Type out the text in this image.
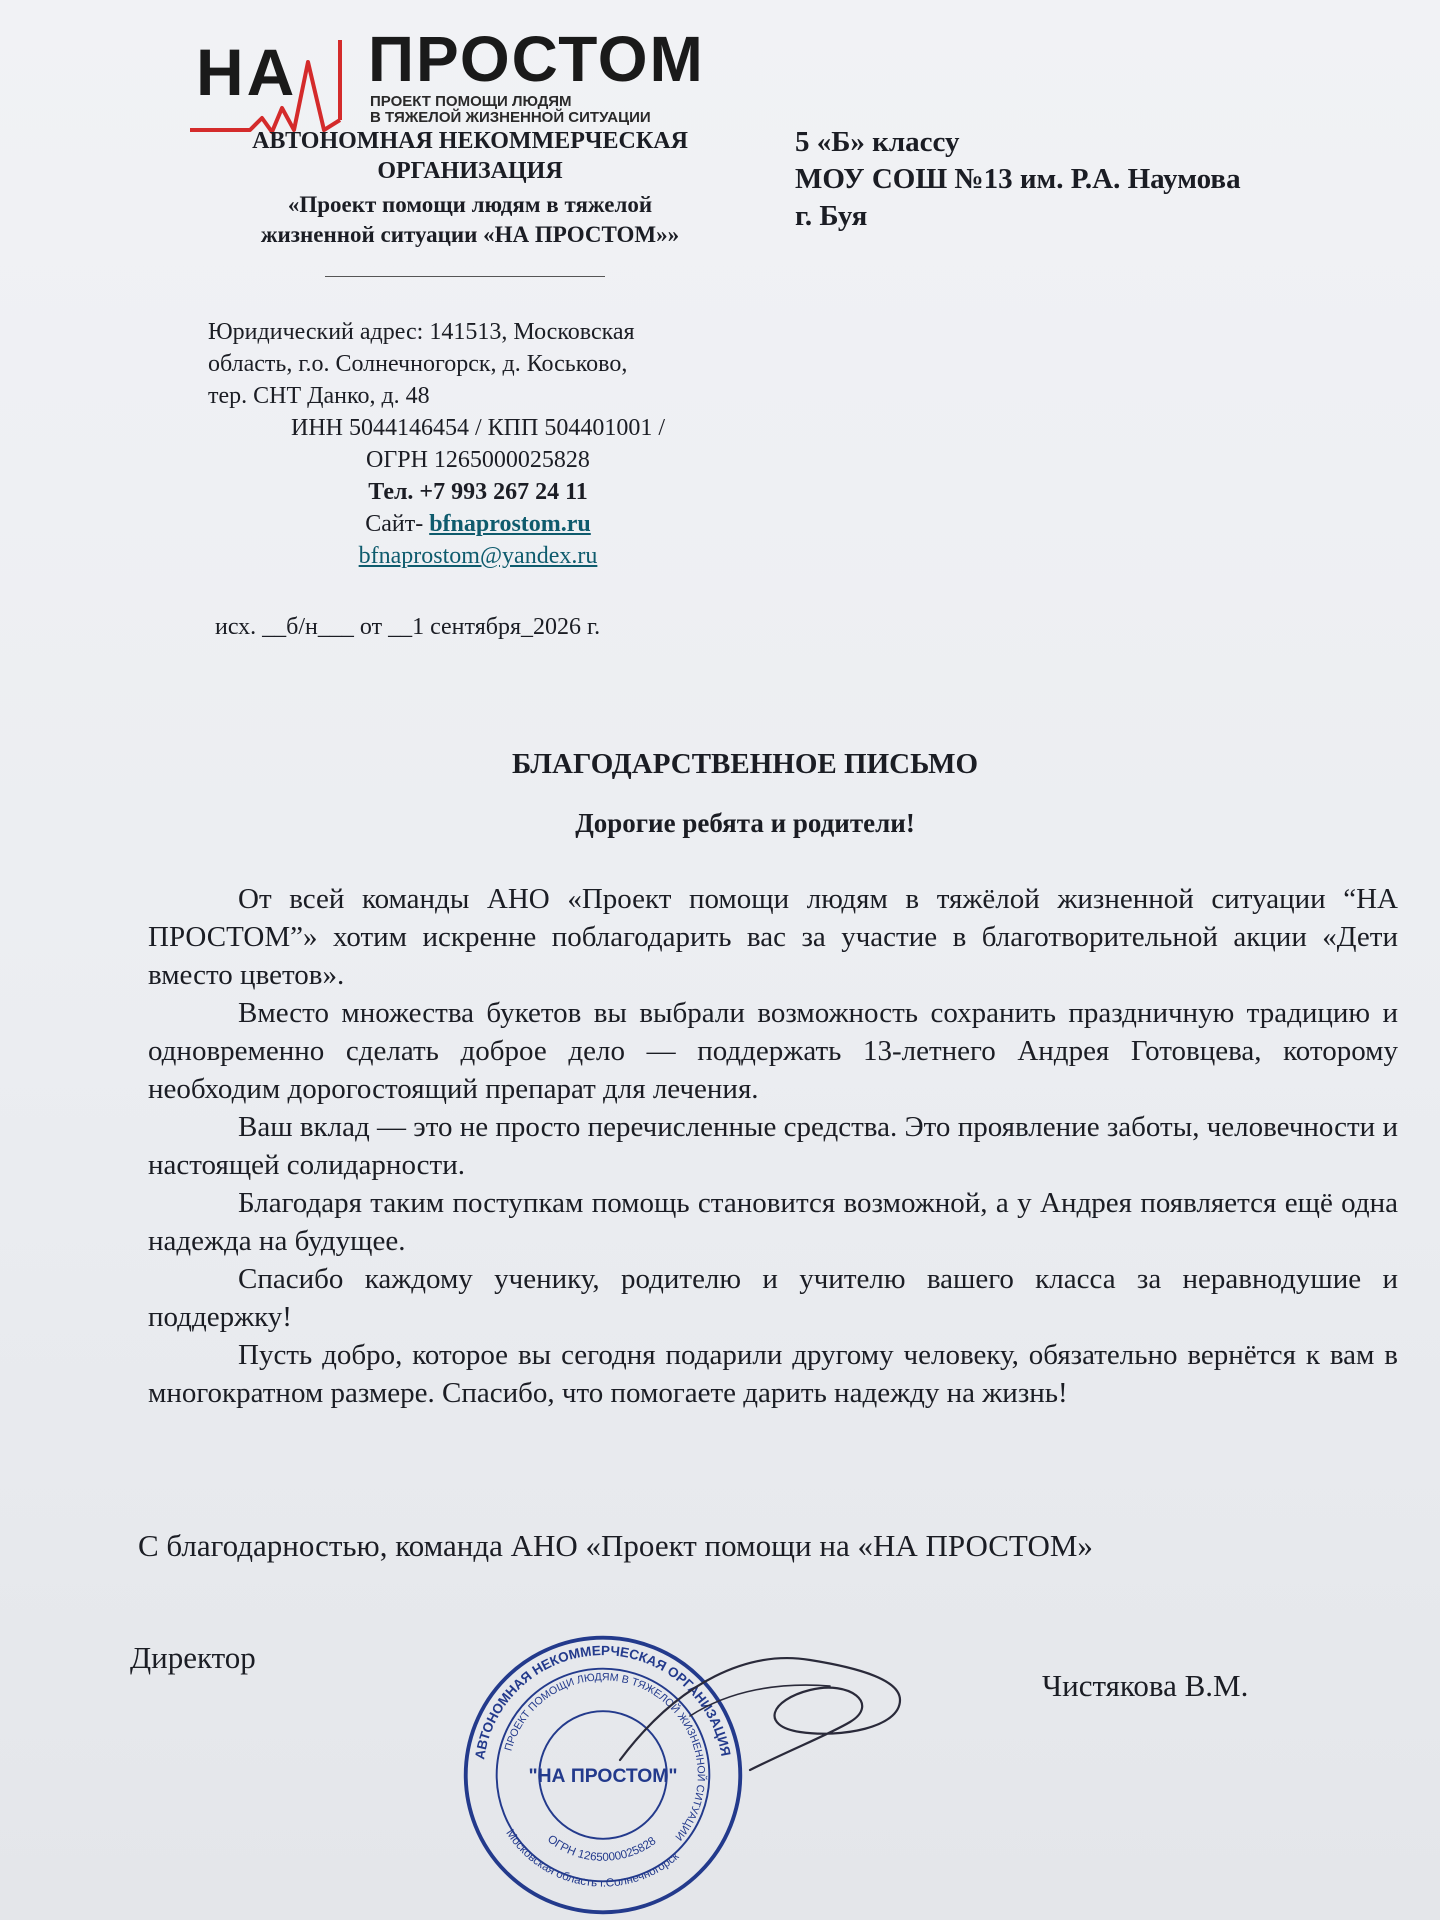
НА ПРОСТОМ
ПРОЕКТ ПОМОЩИ ЛЮДЯМ
В ТЯЖЕЛОЙ ЖИЗНЕННОЙ СИТУАЦИИ
АВТОНОМНАЯ НЕКОММЕРЧЕСКАЯ
ОРГАНИЗАЦИЯ
«Проект помощи людям в тяжелой
жизненной ситуации «НА ПРОСТОМ»»
5 «Б» классу
МОУ СОШ №13 им. Р.А. Наумова
г. Буя
Юридический адрес: 141513, Московская
область, г.о. Солнечногорск, д. Коськово,
тер. СНТ Данко, д. 48
ИНН 5044146454 / КПП 504401001 /
ОГРН 1265000025828
Тел. +7 993 267 24 11
Сайт- bfnaprostom.ru
bfnaprostom@yandex.ru
исх. __б/н___ от __1 сентября_2026 г.
БЛАГОДАРСТВЕННОЕ ПИСЬМО
Дорогие ребята и родители!

От всей команды АНО «Проект помощи людям в тяжёлой жизненной ситуации “НА ПРОСТОМ”» хотим искренне поблагодарить вас за участие в благотворительной акции «Дети вместо цветов».

Вместо множества букетов вы выбрали возможность сохранить праздничную традицию и одновременно сделать доброе дело — поддержать 13-летнего Андрея Готовцева, которому необходим дорогостоящий препарат для лечения.

Ваш вклад — это не просто перечисленные средства. Это проявление заботы, человечности и настоящей солидарности.

Благодаря таким поступкам помощь становится возможной, а у Андрея появляется ещё одна надежда на будущее.

Спасибо каждому ученику, родителю и учителю вашего класса за неравнодушие и поддержку!

Пусть добро, которое вы сегодня подарили другому человеку, обязательно вернётся к вам в многократном размере. Спасибо, что помогаете дарить надежду на жизнь!

С благодарностью, команда АНО «Проект помощи на «НА ПРОСТОМ»
Директор
Чистякова В.М.
АВТОНОМНАЯ НЕКОММЕРЧЕСКАЯ ОРГАНИЗАЦИЯ
ПРОЕКТ ПОМОЩИ ЛЮДЯМ В ТЯЖЕЛОЙ ЖИЗНЕННОЙ СИТУАЦИИ
"НА ПРОСТОМ"
ОГРН 1265000025828
Московская область г.Солнечногорск
